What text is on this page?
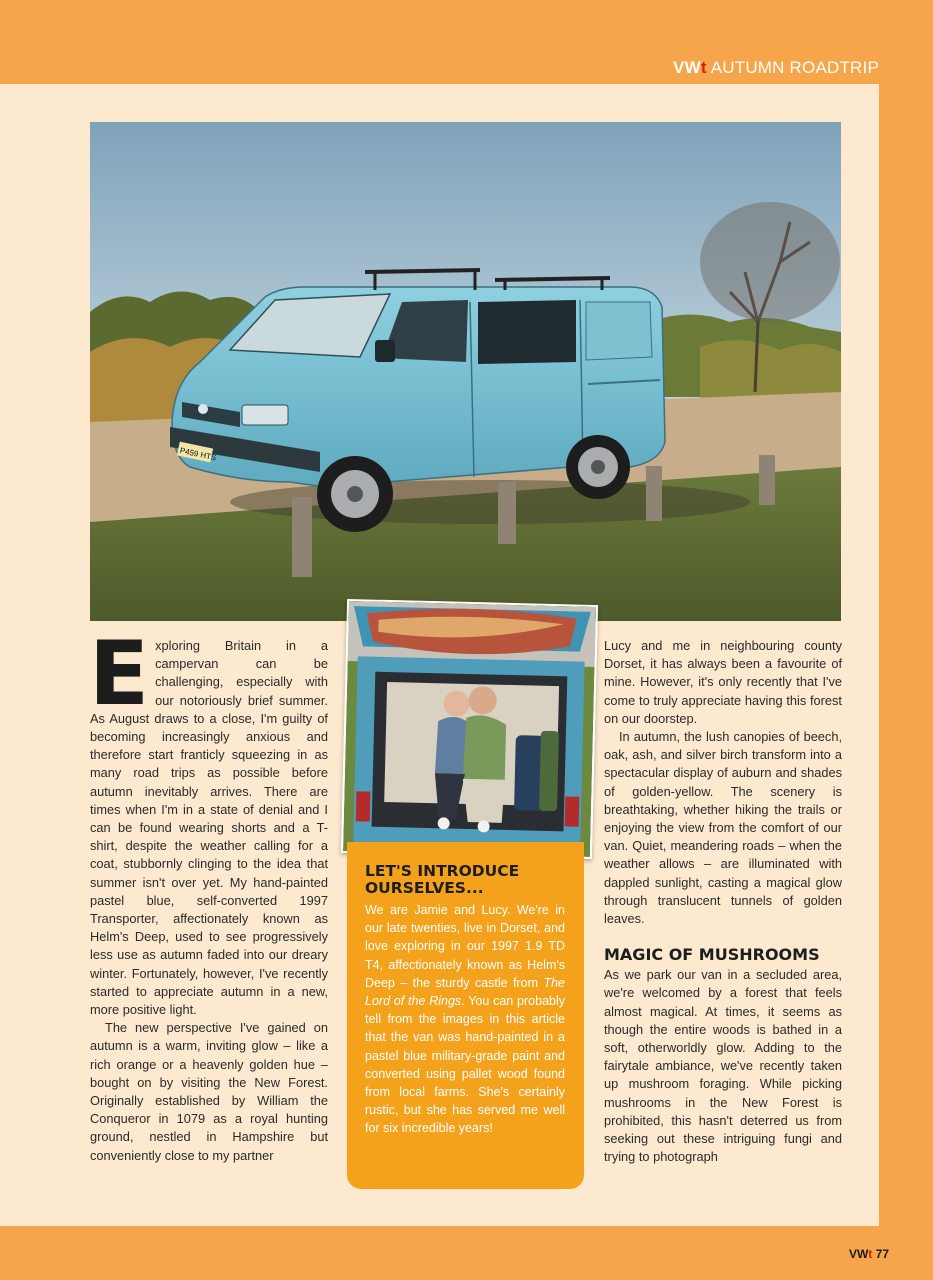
VWt AUTUMN ROADTRIP
P459 HTS
LET'S INTRODUCE OURSELVES...
We are Jamie and Lucy. We're in our late twenties, live in Dorset, and love exploring in our 1997 1.9 TD T4, affectionately known as Helm's Deep – the sturdy castle from The Lord of the Rings. You can probably tell from the images in this article that the van was hand-painted in a pastel blue military-grade paint and converted using pallet wood found from local farms. She's certainly rustic, but she has served me well for six incredible years!

Exploring Britain in a campervan can be challenging, especially with our notoriously brief summer. As August draws to a close, I'm guilty of becoming increasingly anxious and therefore start franticly squeezing in as many road trips as possible before autumn inevitably arrives. There are times when I'm in a state of denial and I can be found wearing shorts and a T-shirt, despite the weather calling for a coat, stubbornly clinging to the idea that summer isn't over yet. My hand-painted pastel blue, self-converted 1997 Transporter, affectionately known as Helm's Deep, used to see progressively less use as autumn faded into our dreary winter. Fortunately, however, I've recently started to appreciate autumn in a new, more positive light.

The new perspective I've gained on autumn is a warm, inviting glow – like a rich orange or a heavenly golden hue – bought on by visiting the New Forest. Originally established by William the Conqueror in 1079 as a royal hunting ground, nestled in Hampshire but conveniently close to my partner

Lucy and me in neighbouring county Dorset, it has always been a favourite of mine. However, it's only recently that I've come to truly appreciate having this forest on our doorstep.

In autumn, the lush canopies of beech, oak, ash, and silver birch transform into a spectacular display of auburn and shades of golden-yellow. The scenery is breathtaking, whether hiking the trails or enjoying the view from the comfort of our van. Quiet, meandering roads – when the weather allows – are illuminated with dappled sunlight, casting a magical glow through translucent tunnels of golden leaves.

MAGIC OF MUSHROOMS

As we park our van in a secluded area, we're welcomed by a forest that feels almost magical. At times, it seems as though the entire woods is bathed in a soft, otherworldly glow. Adding to the fairytale ambiance, we've recently taken up mushroom foraging. While picking mushrooms in the New Forest is prohibited, this hasn't deterred us from seeking out these intriguing fungi and trying to photograph

VWt 77
